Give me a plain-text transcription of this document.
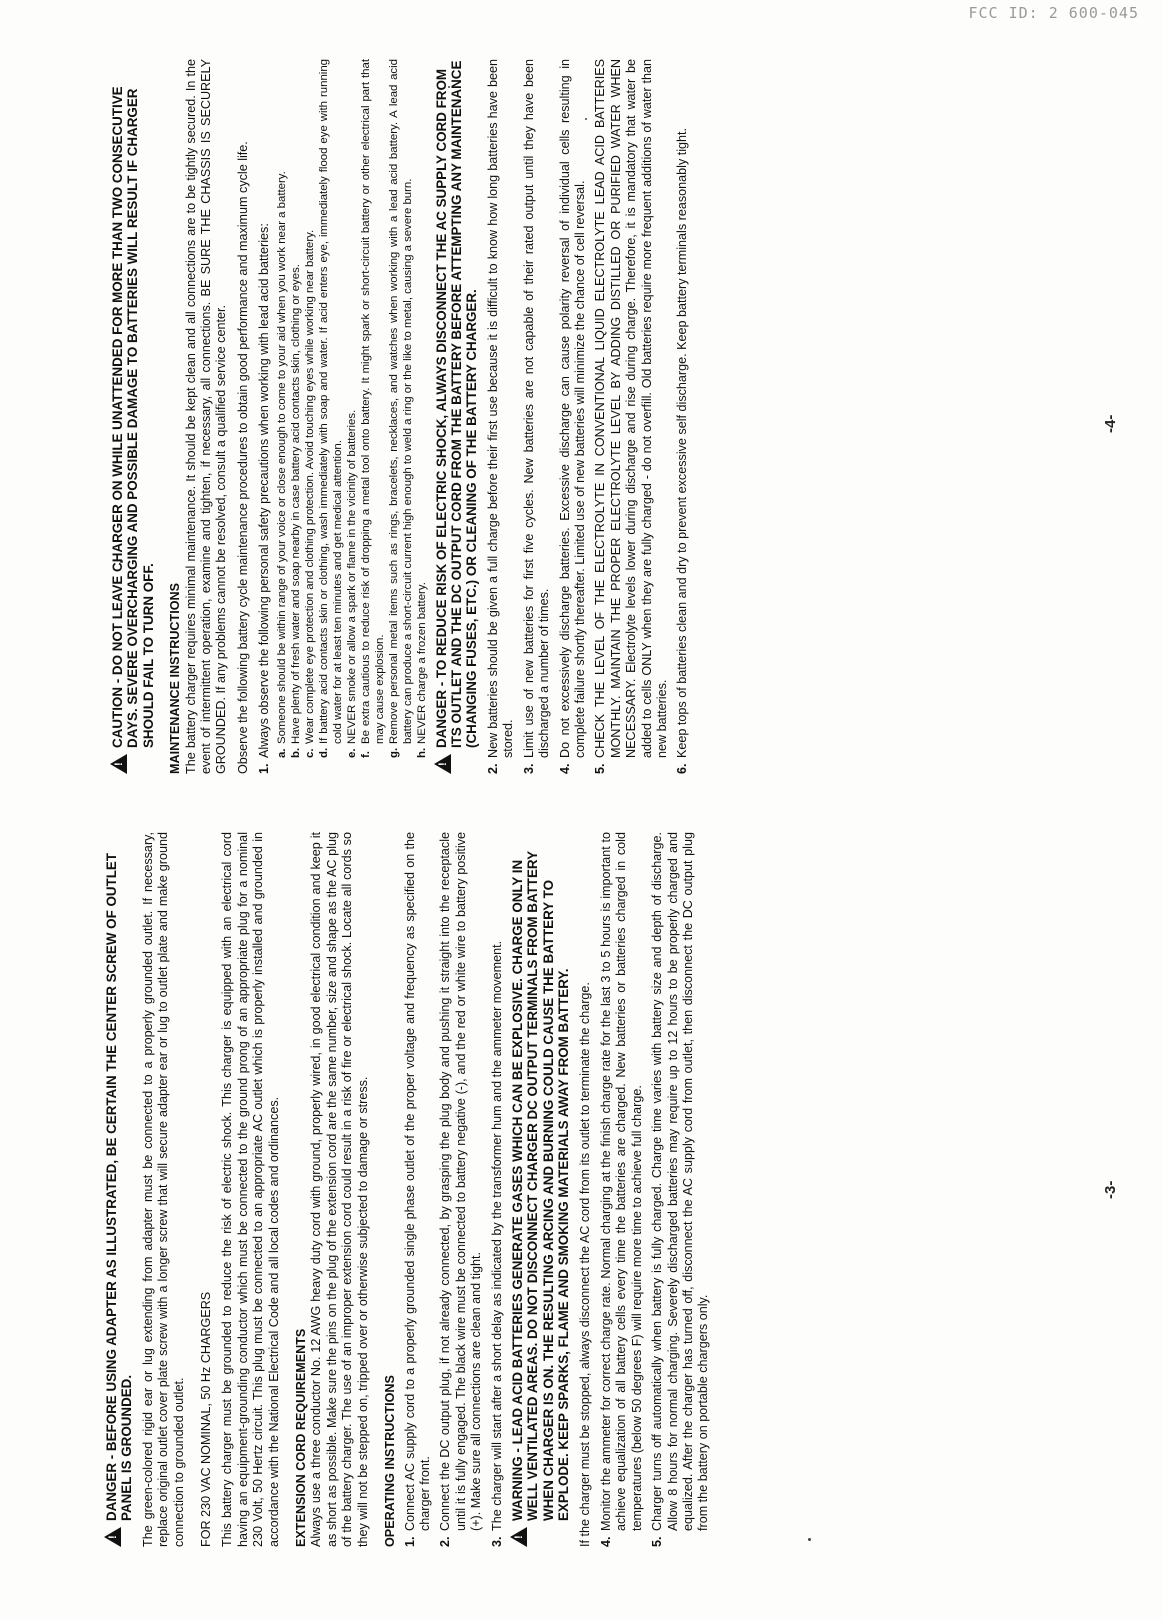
FCC ID: 2 600-045
!
DANGER - BEFORE USING ADAPTER AS ILLUSTRATED, BE CERTAIN THE CENTER SCREW OF OUTLET PANEL IS GROUNDED. The green-colored rigid ear or lug extending from adapter must be connected to a properly grounded outlet. If necessary, replace original outlet cover plate screw with a longer screw that will secure adapter ear or lug to outlet plate and make ground connection to grounded outlet. FOR 230 VAC NOMINAL, 50 Hz CHARGERS This battery charger must be grounded to reduce the risk of electric shock. This charger is equipped with an electrical cord having an equipment-grounding conductor which must be connected to the ground prong of an appropriate plug for a nominal 230 Volt, 50 Hertz circuit. This plug must be connected to an appropriate AC outlet which is properly installed and grounded in accordance with the National Electrical Code and all local codes and ordinances. EXTENSION CORD REQUIREMENTS Always use a three conductor No. 12 AWG heavy duty cord with ground, properly wired, in good electrical condition and keep it as short as possible. Make sure the pins on the plug of the extension cord are the same number, size and shape as the AC plug of the battery charger. The use of an improper extension cord could result in a risk of fire or electrical shock. Locate all cords so they will not be stepped on, tripped over or otherwise subjected to damage or stress. OPERATING INSTRUCTIONS 1.
Connect AC supply cord to a properly grounded single phase outlet of the proper voltage and frequency as specified on the charger front.
2.
Connect the DC output plug, if not already connected, by grasping the plug body and pushing it straight into the receptacle until it is fully engaged. The black wire must be connected to battery negative (-), and the red or white wire to battery positive (+). Make sure all connections are clean and tight.
3.
The charger will start after a short delay as indicated by the transformer hum and the ammeter movement.
! WARNING - LEAD ACID BATTERIES GENERATE GASES WHICH CAN BE EXPLOSIVE. CHARGE ONLY IN WELL VENTILATED AREAS. DO NOT DISCONNECT CHARGER DC OUTPUT TERMINALS FROM BATTERY WHEN CHARGER IS ON. THE RESULTING ARCING AND BURNING COULD CAUSE THE BATTERY TO EXPLODE. KEEP SPARKS, FLAME AND SMOKING MATERIALS AWAY FROM BATTERY. If the charger must be stopped, always disconnect the AC cord from its outlet to terminate the charge. 4.
Monitor the ammeter for correct charge rate. Normal charging at the finish charge rate for the last 3 to 5 hours is important to achieve equalization of all battery cells every time the batteries are charged. New batteries or batteries charged in cold temperatures (below 50 degrees F) will require more time to achieve full charge.
5.
Charger turns off automatically when battery is fully charged. Charge time varies with battery size and depth of discharge. Allow 8 hours for normal charging. Severely discharged batteries may require up to 12 hours to be properly charged and equalized. After the charger has turned off, disconnect the AC supply cord from outlet, then disconnect the DC output plug from the battery on portable chargers only.
-3-
!
CAUTION - DO NOT LEAVE CHARGER ON WHILE UNATTENDED FOR MORE THAN TWO CONSECUTIVE DAYS. SEVERE OVERCHARGING AND POSSIBLE DAMAGE TO BATTERIES WILL RESULT IF CHARGER SHOULD FAIL TO TURN OFF. MAINTENANCE INSTRUCTIONS The battery charger requires minimal maintenance. It should be kept clean and all connections are to be tightly secured. In the event of intermittent operation, examine and tighten, if necessary, all connections. BE SURE THE CHASSIS IS SECURELY GROUNDED. If any problems cannot be resolved, consult a qualified service center. Observe the following battery cycle maintenance procedures to obtain good performance and maximum cycle life. 1.
Always observe the following personal safety precautions when working with lead acid batteries: a.
Someone should be within range of your voice or close enough to come to your aid when you work near a battery.
b.
Have plenty of fresh water and soap nearby in case battery acid contacts skin, clothing or eyes.
c.
Wear complete eye protection and clothing protection. Avoid touching eyes while working near battery.
d.
If battery acid contacts skin or clothing, wash immediately with soap and water. If acid enters eye, immediately flood eye with running cold water for at least ten minutes and get medical attention.
e.
NEVER smoke or allow a spark or flame in the vicinity of batteries.
f.
Be extra cautious to reduce risk of dropping a metal tool onto battery. It might spark or short-circuit battery or other electrical part that may cause explosion.
g.
Remove personal metal items such as rings, bracelets, necklaces, and watches when working with a lead acid battery. A lead acid battery can produce a short-circuit current high enough to weld a ring or the like to metal, causing a severe burn.
h.
NEVER charge a frozen battery.
! DANGER - TO REDUCE RISK OF ELECTRIC SHOCK, ALWAYS DISCONNECT THE AC SUPPLY CORD FROM ITS OUTLET AND THE DC OUTPUT CORD FROM THE BATTERY BEFORE ATTEMPTING ANY MAINTENANCE (CHANGING FUSES, ETC.) OR CLEANING OF THE BATTERY CHARGER.
2.
New batteries should be given a full charge before their first use because it is difficult to know how long batteries have been stored.
3.
Limit use of new batteries for first five cycles. New batteries are not capable of their rated output until they have been discharged a number of times.
4.
Do not excessively discharge batteries. Excessive discharge can cause polarity reversal of individual cells resulting in complete failure shortly thereafter. Limited use of new batteries will minimize the chance of cell reversal.
5.
CHECK THE LEVEL OF THE ELECTROLYTE IN CONVENTIONAL LIQUID ELECTROLYTE LEAD ACID BATTERIES MONTHLY. MAINTAIN THE PROPER ELECTROLYTE LEVEL BY ADDING DISTILLED OR PURIFIED WATER WHEN NECESSARY. Electrolyte levels lower during discharge and rise during charge. Therefore, it is mandatory that water be added to cells ONLY when they are fully charged - do not overfill. Old batteries require more frequent additions of water than new batteries.
6.
Keep tops of batteries clean and dry to prevent excessive self discharge. Keep battery terminals reasonably tight.	-4-
